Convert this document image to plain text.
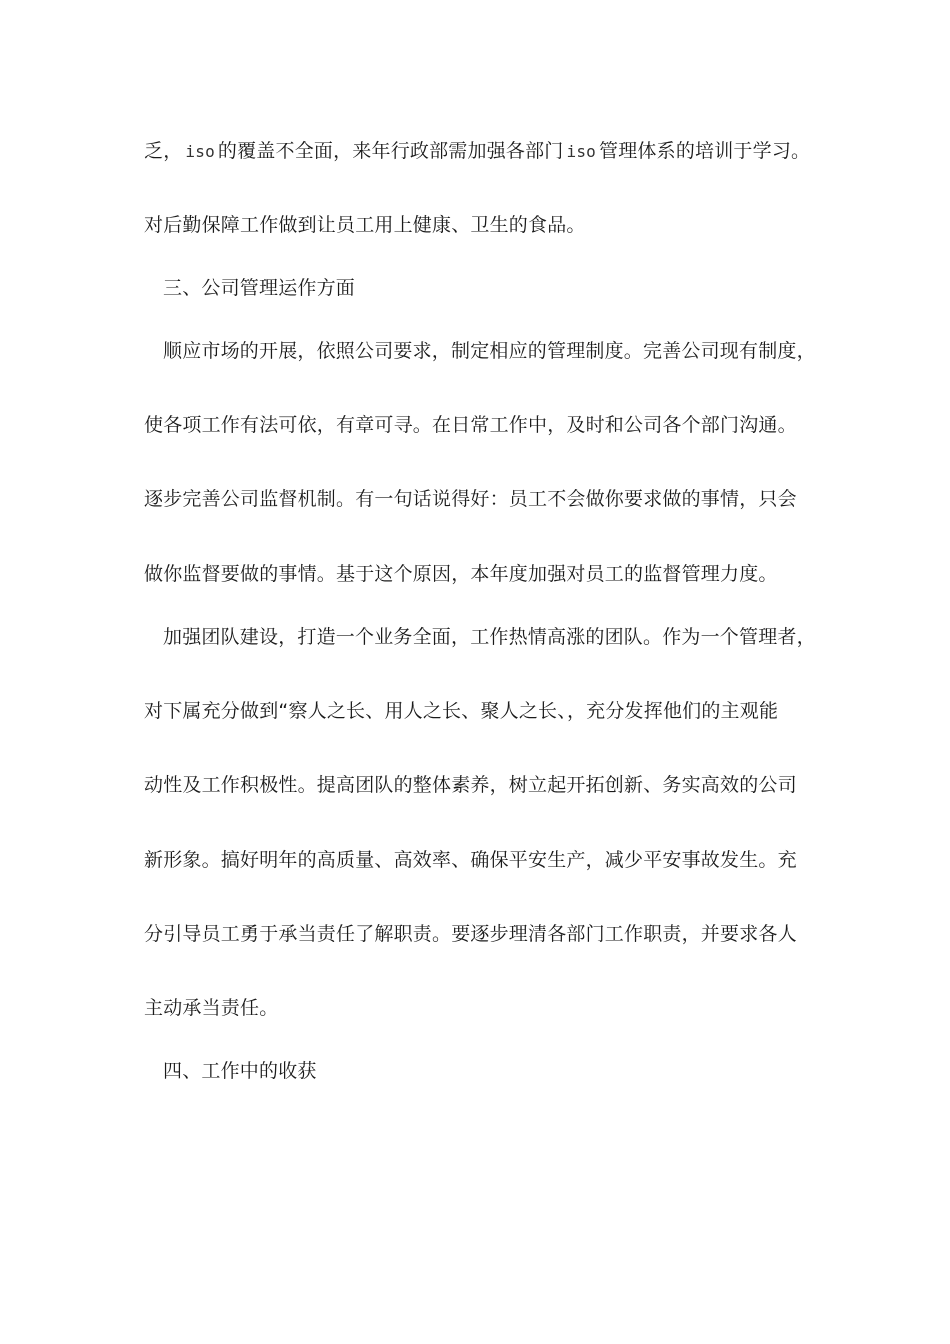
乏， iso 的覆盖不全面，来年行政部需加强各部门 iso 管理体系的培训于学习。
对后勤保障工作做到让员工用上健康、卫生的食品。
三、公司管理运作方面
顺应市场的开展，依照公司要求，制定相应的管理制度。完善公司现有制度，
使各项工作有法可依，有章可寻。在日常工作中，及时和公司各个部门沟通。
逐步完善公司监督机制。有一句话说得好：员工不会做你要求做的事情，只会
做你监督要做的事情。基于这个原因，本年度加强对员工的监督管理力度。
加强团队建设，打造一个业务全面，工作热情高涨的团队。作为一个管理者，
对下属充分做到“察人之长、用人之长、聚人之长、，充分发挥他们的主观能
动性及工作积极性。提高团队的整体素养，树立起开拓创新、务实高效的公司
新形象。搞好明年的高质量、高效率、确保平安生产，减少平安事故发生。充
分引导员工勇于承当责任了解职责。要逐步理清各部门工作职责，并要求各人
主动承当责任。
四、工作中的收获
